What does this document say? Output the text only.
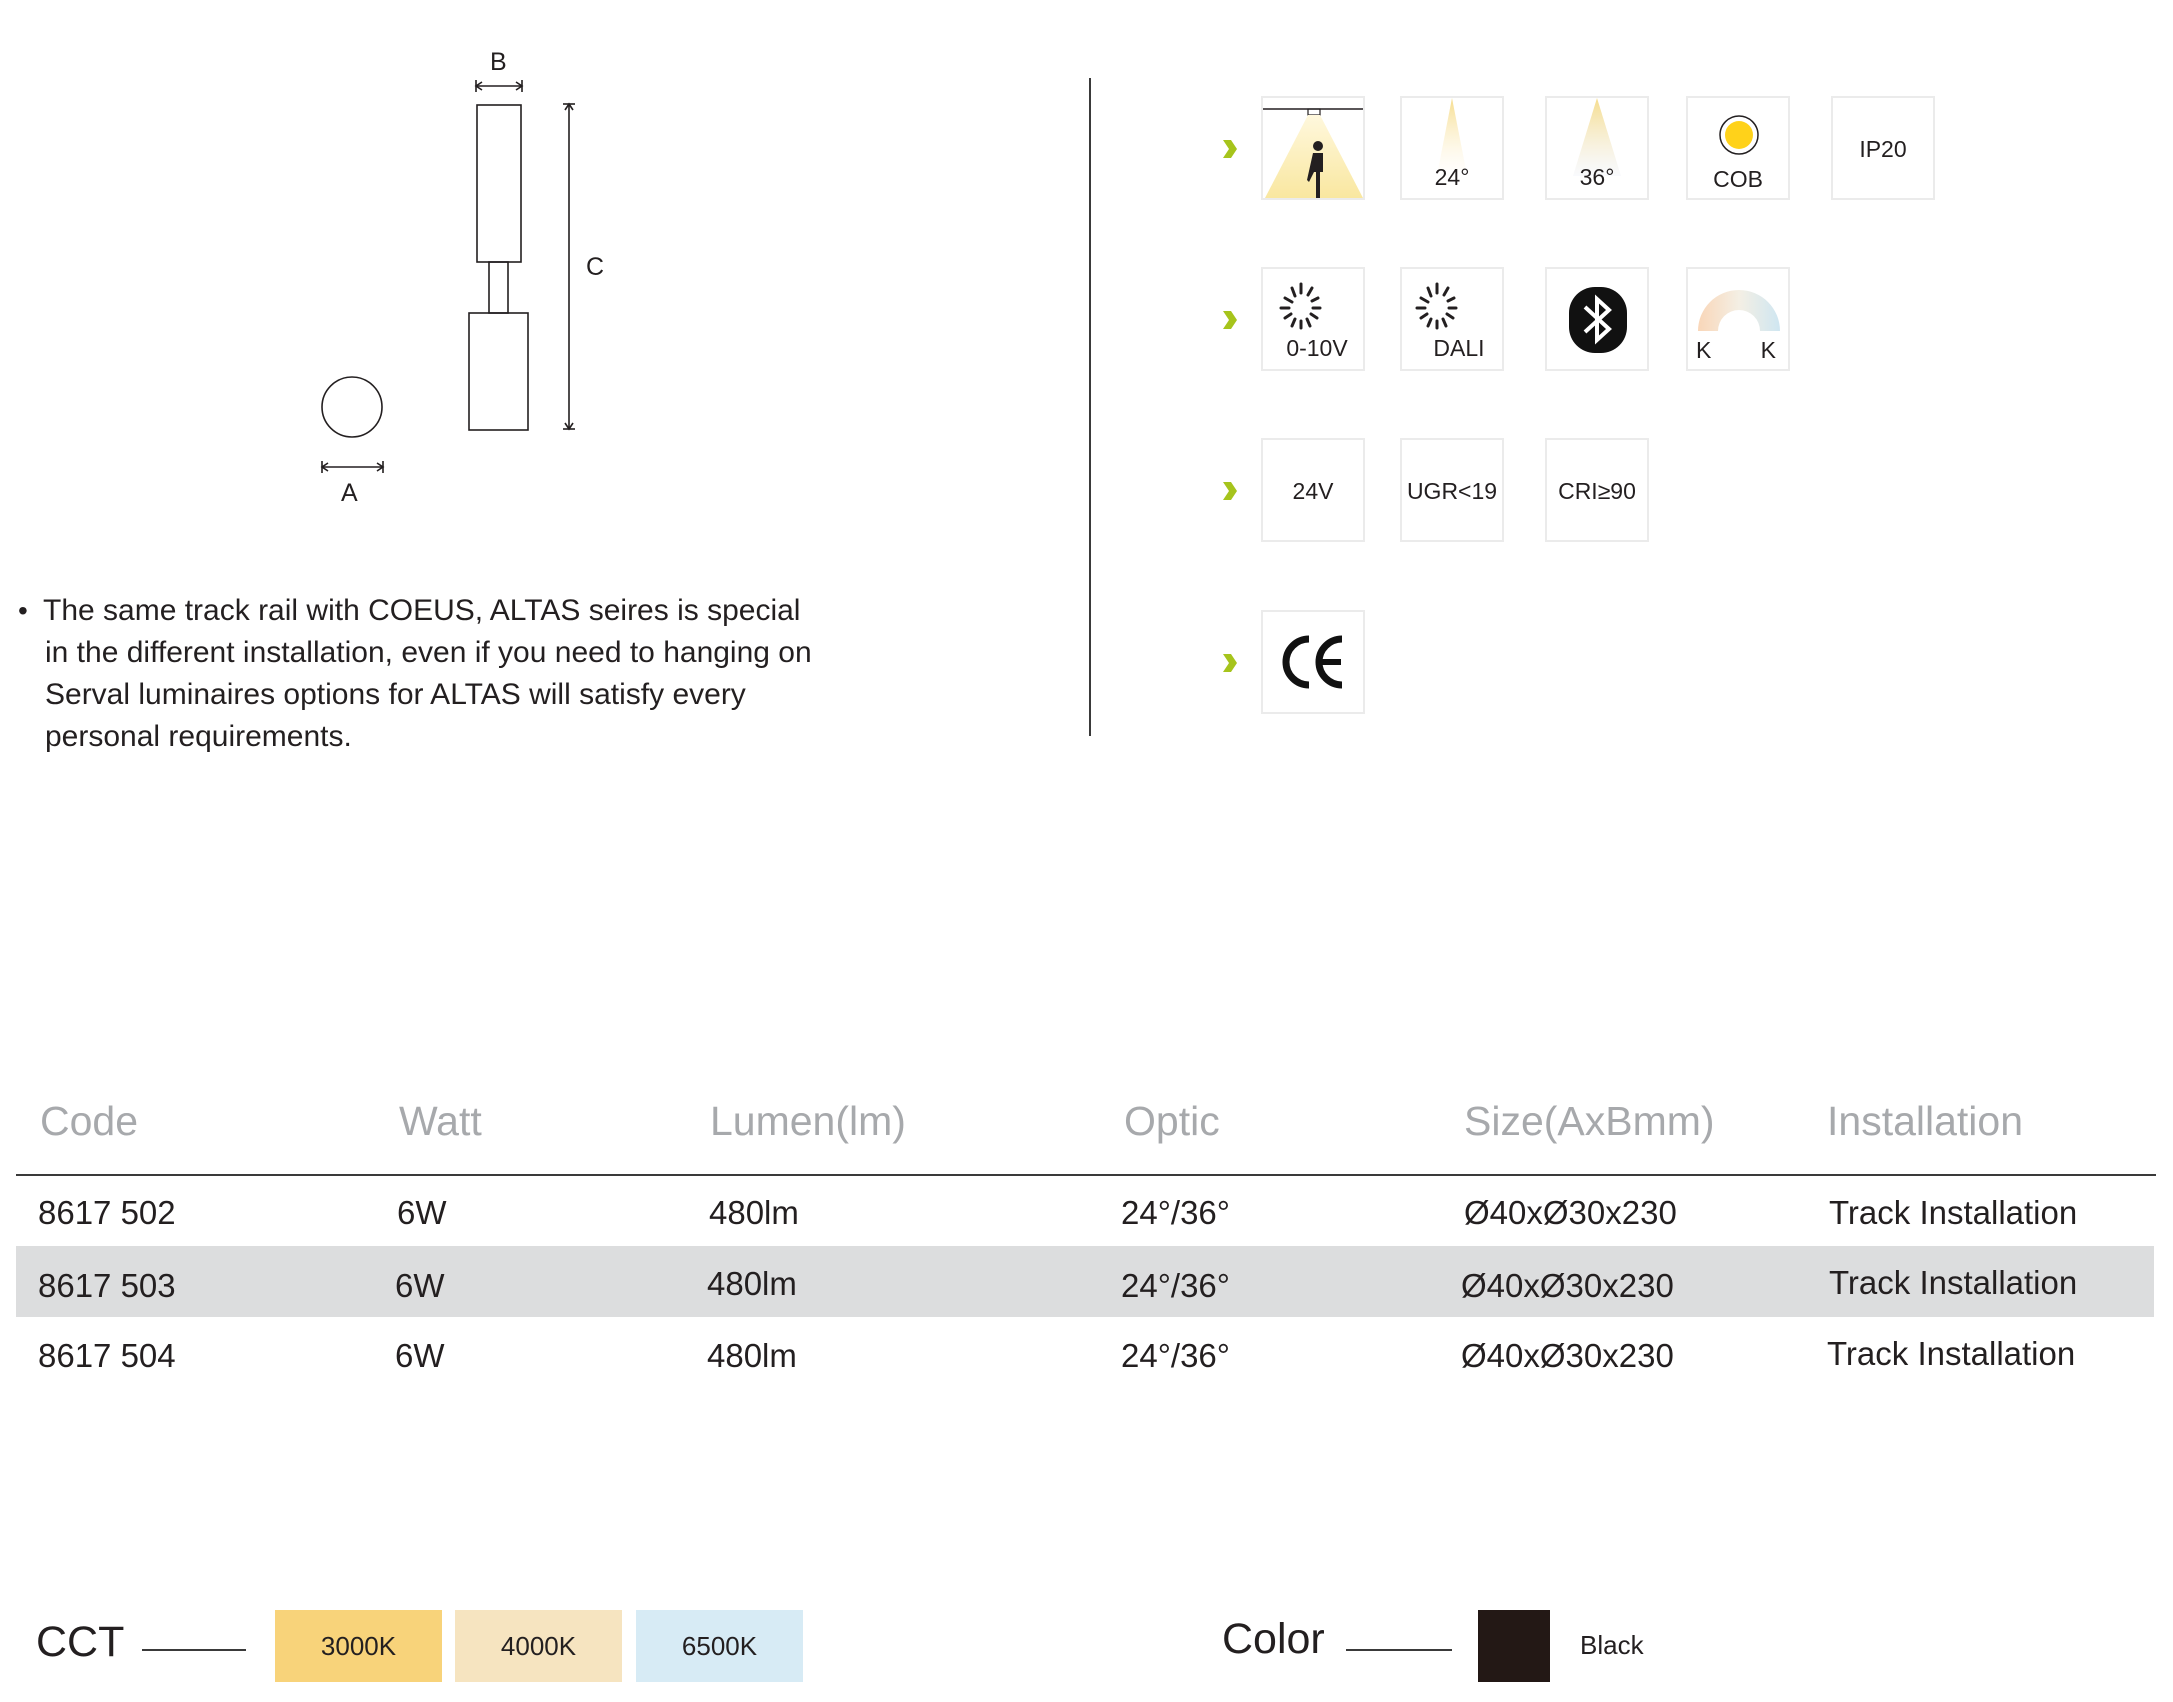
B
C
A
• The same track rail with COEUS, ALTAS seires is special
in the different installation, even if you need to hanging on
Serval luminaires options for ALTAS will satisfy every
personal requirements.
24°	36°	COB
IP20
0-10V	DALI	K K
24V	UGR<19	CRI≥90
Code	Watt	Lumen(lm)	Optic	Size(AxBmm)	Installation
8617 502	6W	480lm	24°/36°	Ø40xØ30x230	Track Installation
8617 503	6W	480lm	24°/36°	Ø40xØ30x230	Track Installation
8617 504	6W	480lm	24°/36°	Ø40xØ30x230	Track Installation
CCT	3000K	4000K	6500K	Color	Black
